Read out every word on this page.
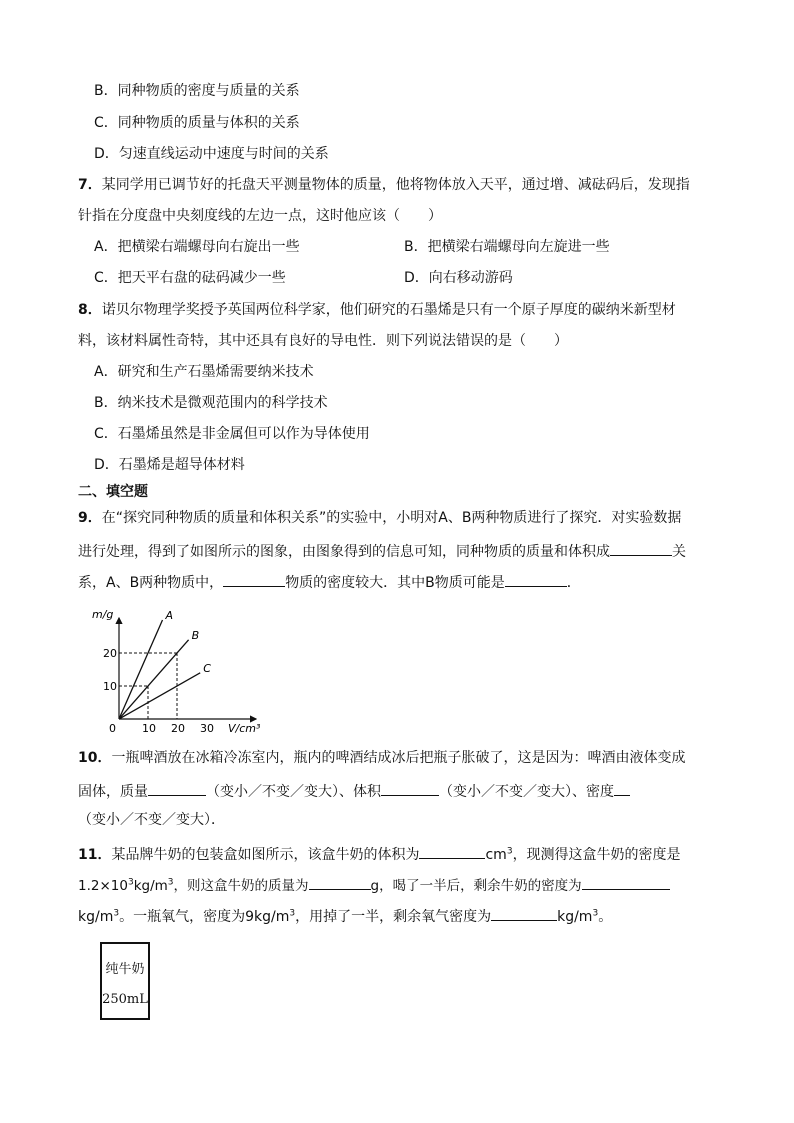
B．同种物质的密度与质量的关系
C．同种物质的质量与体积的关系
D．匀速直线运动中速度与时间的关系
7．某同学用已调节好的托盘天平测量物体的质量，他将物体放入天平，通过增、减砝码后，发现指
针指在分度盘中央刻度线的左边一点，这时他应该（　　）
A．把横梁右端螺母向右旋出一些	B．把横梁右端螺母向左旋进一些
C．把天平右盘的砝码减少一些	D．向右移动游码
8．诺贝尔物理学奖授予英国两位科学家，他们研究的石墨烯是只有一个原子厚度的碳纳米新型材
料，该材料属性奇特，其中还具有良好的导电性．则下列说法错误的是（　　）
A．研究和生产石墨烯需要纳米技术
B．纳米技术是微观范围内的科学技术
C．石墨烯虽然是非金属但可以作为导体使用
D．石墨烯是超导体材料
二、填空题
9．在“探究同种物质的质量和体积关系”的实验中，小明对A、B两种物质进行了探究．对实验数据
进行处理，得到了如图所示的图象，由图象得到的信息可知，同种物质的质量和体积成	关
系，A、B两种物质中，	物质的密度较大．其中B物质可能是	．
A
B
C
0 10 20 30
10
20
m/g
V/cm³
10．一瓶啤酒放在冰箱冷冻室内，瓶内的啤酒结成冰后把瓶子胀破了，这是因为：啤酒由液体变成
固体，质量	（变小／不变／变大）、体积	（变小／不变／变大）、密度
（变小／不变／变大）．
11．某品牌牛奶的包装盒如图所示，该盒牛奶的体积为	$cm^3$，现测得这盒牛奶的密度是
$1.2\times 10^3kg/m^3$，则这盒牛奶的质量为	g，喝了一半后，剩余牛奶的密度为
$kg/m^3$。一瓶氧气，密度为$9kg/m^3$，用掉了一半，剩余氧气密度为	$kg/m^3$。
纯牛奶
250mL
